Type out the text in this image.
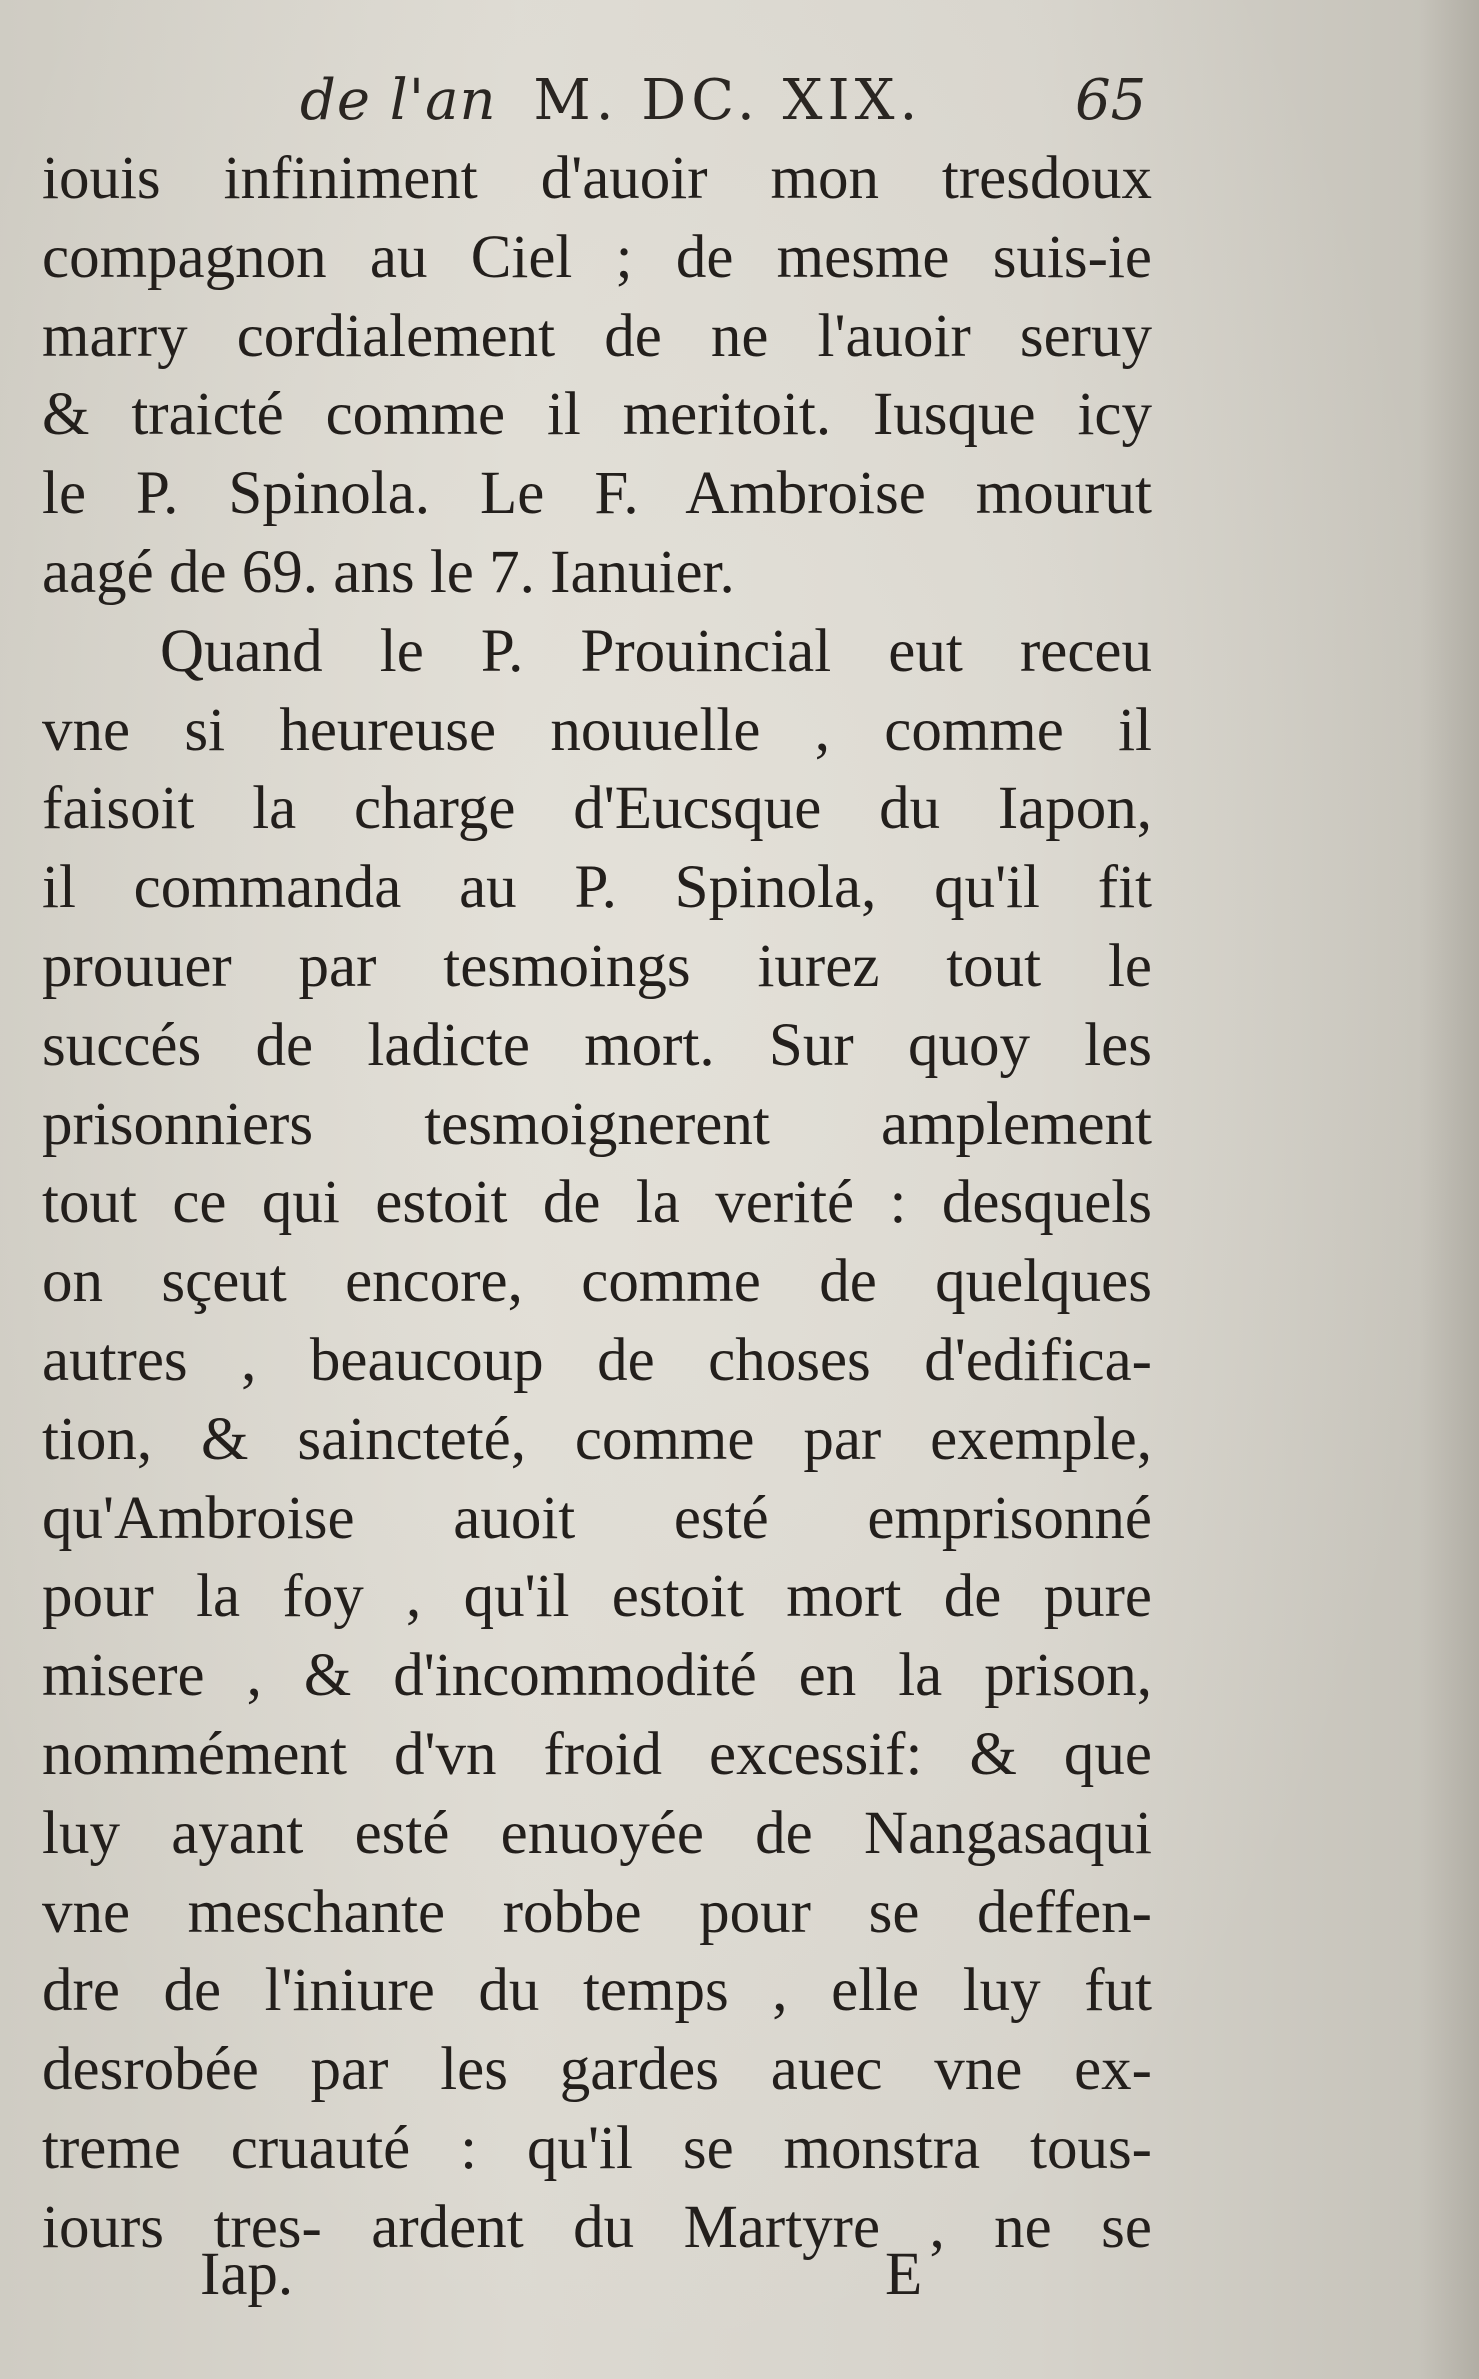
de l'an M. DC. XIX.	65
iouis infiniment d'auoir mon tresdoux
compagnon au Ciel ; de mesme suis-ie
marry cordialement de ne l'auoir seruy
& traicté comme il meritoit. Iusque icy
le P. Spinola. Le F. Ambroise mourut
aagé de 69. ans le 7. Ianuier.
Quand le P. Prouincial eut receu
vne si heureuse nouuelle , comme il
faisoit la charge d'Eucsque du Iapon,
il commanda au P. Spinola, qu'il fit
prouuer par tesmoings iurez tout le
succés de ladicte mort. Sur quoy les
prisonniers tesmoignerent amplement
tout ce qui estoit de la verité : desquels
on sçeut encore, comme de quelques
autres , beaucoup de choses d'edifica-
tion, & saincteté, comme par exemple,
qu'Ambroise auoit esté emprisonné
pour la foy , qu'il estoit mort de pure
misere , & d'incommodité en la prison,
nommément d'vn froid excessif: & que
luy ayant esté enuoyée de Nangasaqui
vne meschante robbe pour se deffen-
dre de l'iniure du temps , elle luy fut
desrobée par les gardes auec vne ex-
treme cruauté : qu'il se monstra tous-
iours tres- ardent du Martyre , ne se
Iap.	E
